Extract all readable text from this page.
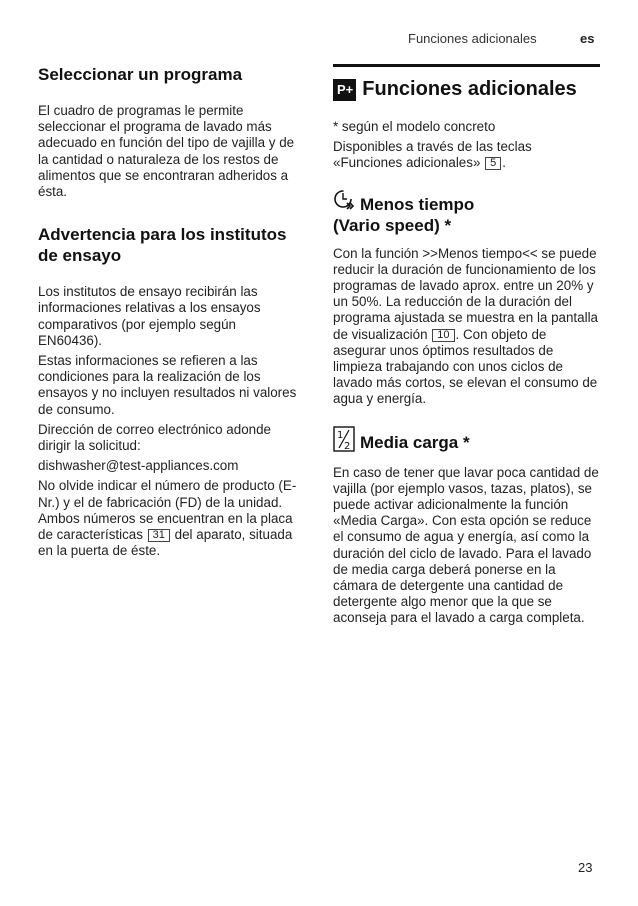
Funciones adicionales	es
Seleccionar un programa

El cuadro de programas le permite seleccionar el programa de lavado más adecuado en función del tipo de vajilla y de la cantidad o naturaleza de los restos de alimentos que se encontraran adheridos a ésta.

Advertencia para los institutos de ensayo

Los institutos de ensayo recibirán las informaciones relativas a los ensayos comparativos (por ejemplo según EN60436).

Estas informaciones se refieren a las condiciones para la realización de los ensayos y no incluyen resultados ni valores de consumo.

Dirección de correo electrónico adonde dirigir la solicitud:

dishwasher@test-appliances.com

No olvide indicar el número de producto (E-Nr.) y el de fabricación (FD) de la unidad. Ambos números se encuentran en la placa de características 31 del aparato, situada en la puerta de éste.

P+ Funciones adicionales

* según el modelo concreto

Disponibles a través de las teclas «Funciones adicionales» 5 .

Menos tiempo
(Vario speed) *

Con la función >>Menos tiempo<< se puede reducir la duración de funcionamiento de los programas de lavado aprox. entre un 20% y un 50%. La reducción de la duración del programa ajustada se muestra en la pantalla de visualización 10 . Con objeto de asegurar unos óptimos resultados de limpieza trabajando con unos ciclos de lavado más cortos, se elevan el consumo de agua y energía.

1
2 Media carga *

En caso de tener que lavar poca cantidad de vajilla (por ejemplo vasos, tazas, platos), se puede activar adicionalmente la función «Media Carga». Con esta opción se reduce el consumo de agua y energía, así como la duración del ciclo de lavado. Para el lavado de media carga deberá ponerse en la cámara de detergente una cantidad de detergente algo menor que la que se aconseja para el lavado a carga completa.

23
